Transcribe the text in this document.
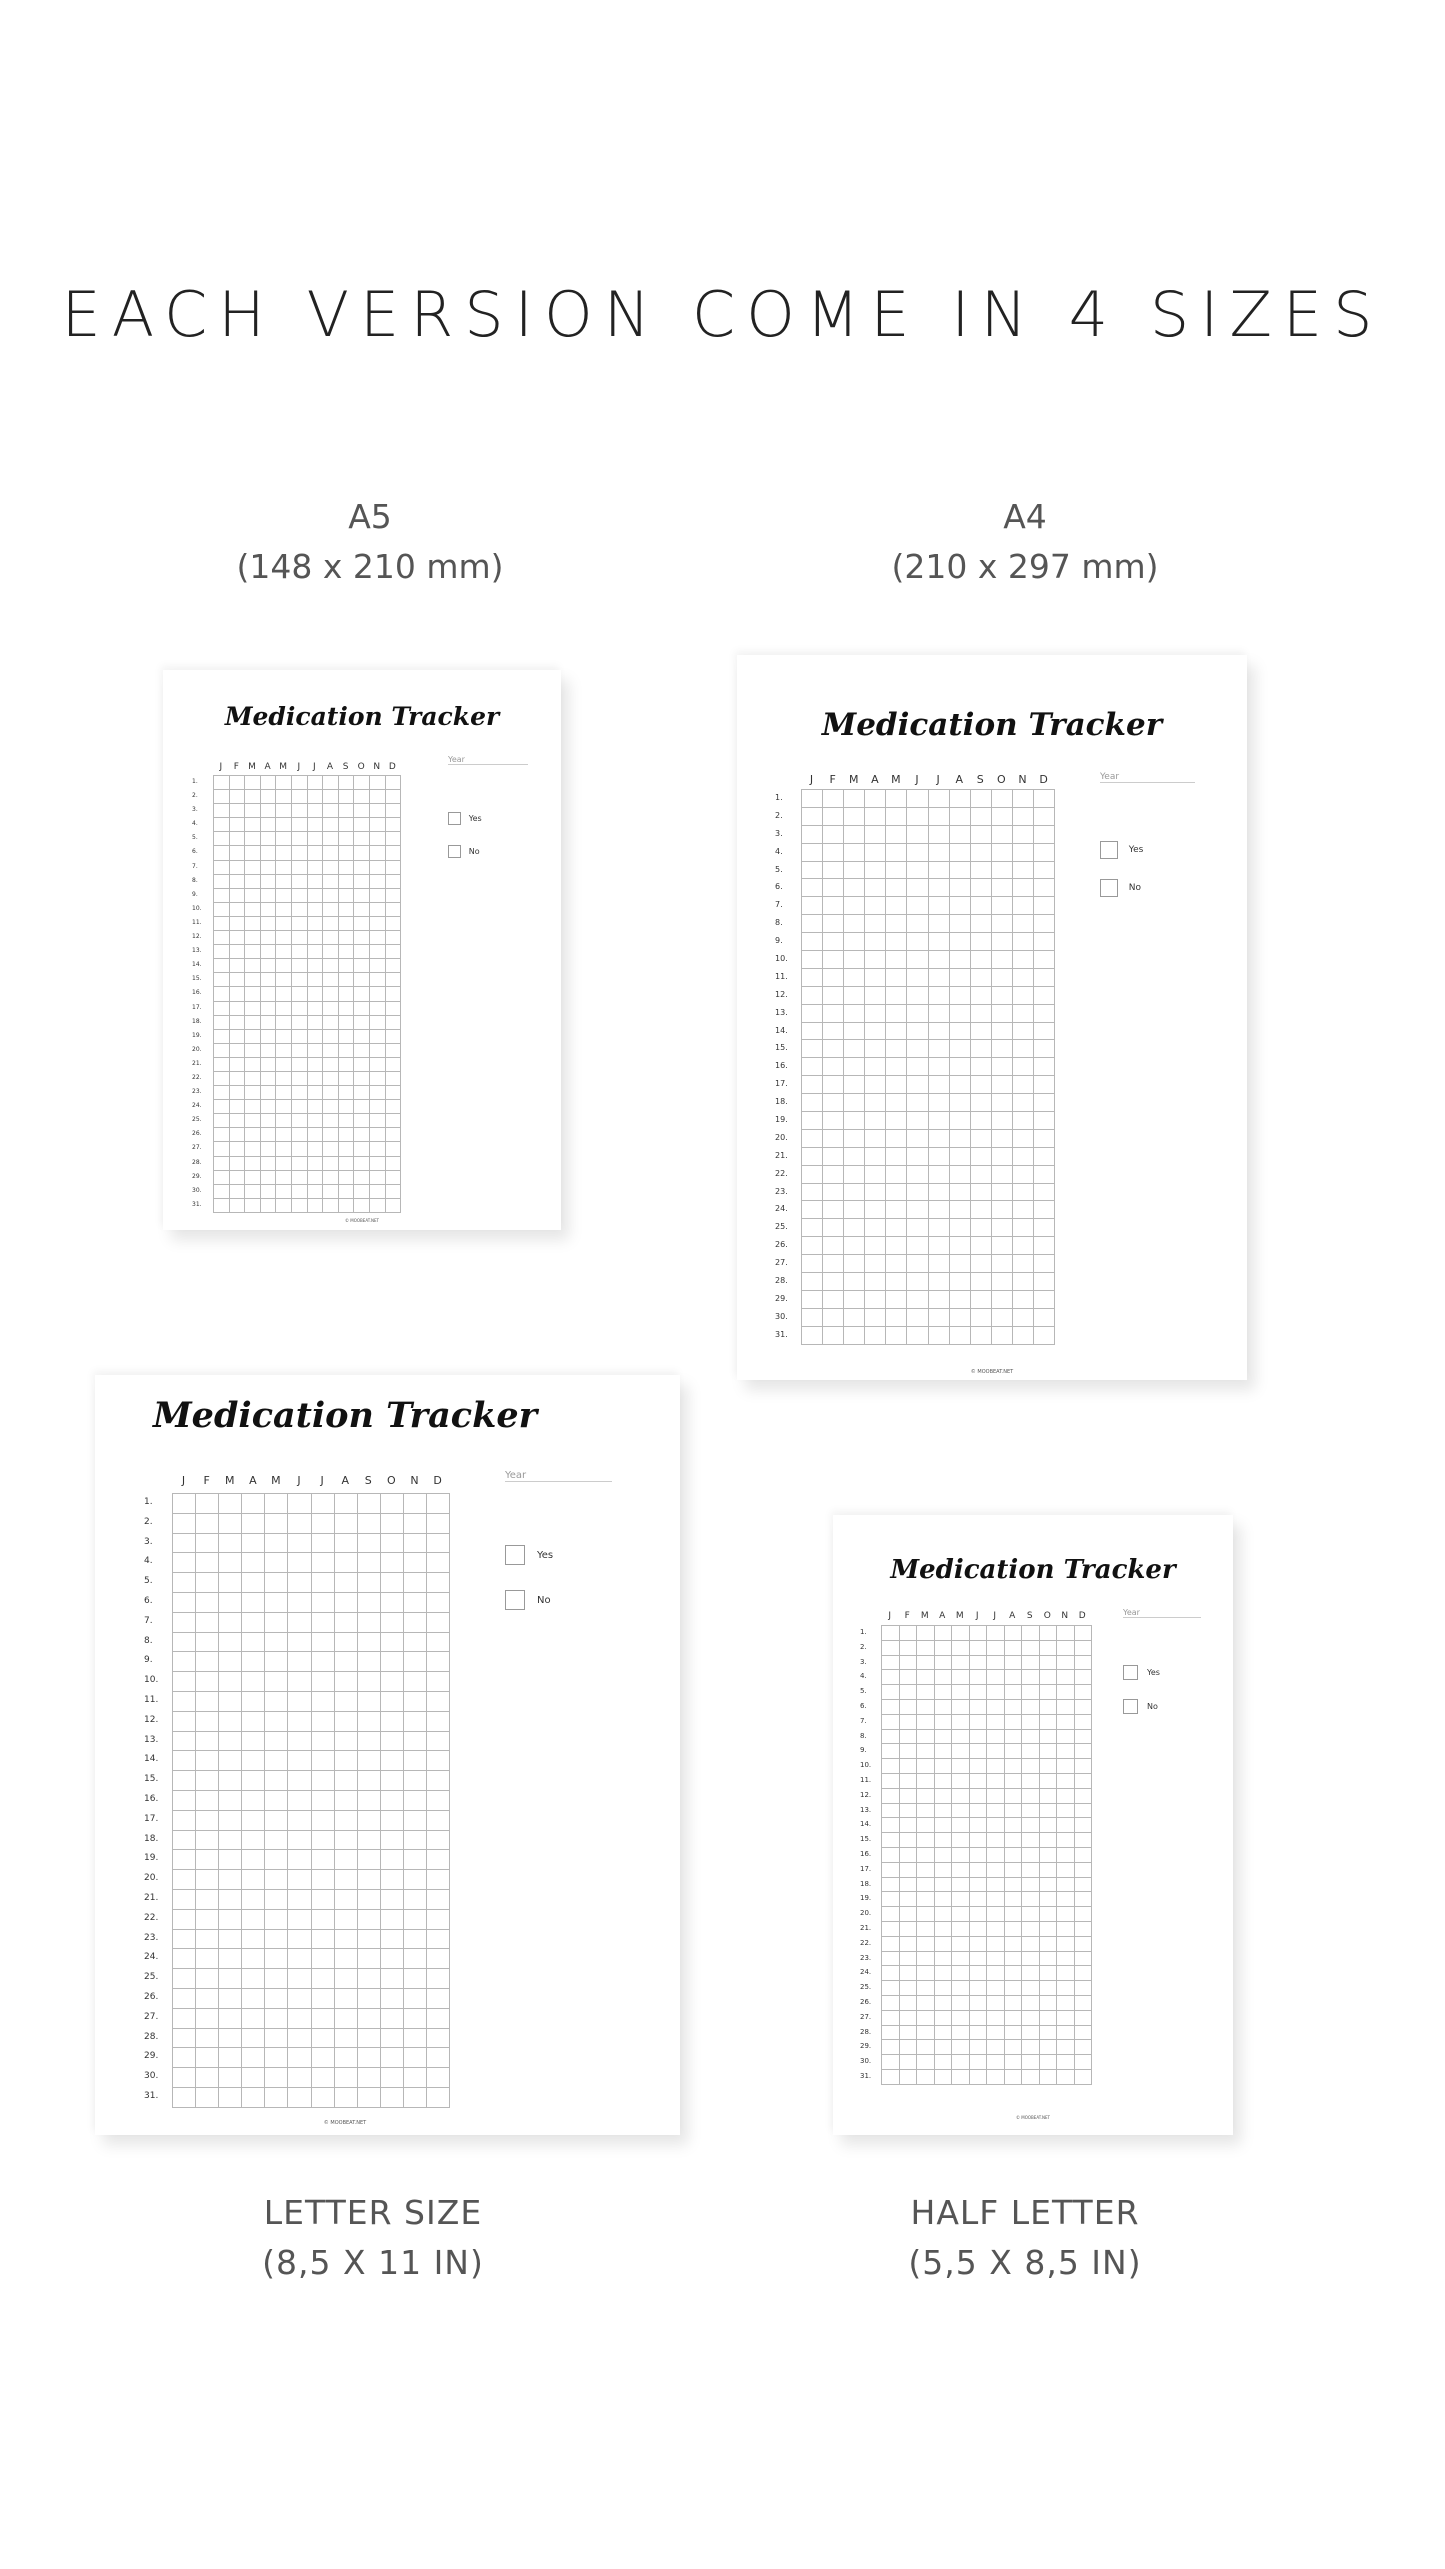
EACH VERSION COME IN 4 SIZES
A5
(148 x 210 mm)
A4
(210 x 297 mm)
LETTER SIZE
(8,5 X 11 IN)
HALF LETTER
(5,5 X 8,5 IN)
Medication Tracker
J	F	M A M	J	J	A	S	O N D
1.
2.
3.
4.
5.
6.
7.
8.
9.
10.
11.
12.
13.
14.
15.
16.
17.
18.
19.
20.
21.
22.
23.
24.
25.
26.
27.
28.
29.
30.
31.
Year
Yes
No
© MOOBEAT.NET
Medication Tracker
J	F	M	A	M	J	J	A	S	O	N	D
1.
2.
3.
4.
5.
6.
7.
8.
9.
10.
11.
12.
13.
14.
15.
16.
17.
18.
19.
20.
21.
22.
23.
24.
25.
26.
27.
28.
29.
30.
31.
Year
Yes
No
© MOOBEAT.NET
Medication Tracker
J	F	M	A	M	J	J	A	S	O	N	D
1.
2.
3.
4.
5.
6.
7.
8.
9.
10.
11.
12.
13.
14.
15.
16.
17.
18.
19.
20.
21.
22.
23.
24.
25.
26.
27.
28.
29.
30.
31.
Year
Yes
No
© MOOBEAT.NET
Medication Tracker
J	F	M	A	M	J	J	A	S	O	N	D
1.
2.
3.
4.
5.
6.
7.
8.
9.
10.
11.
12.
13.
14.
15.
16.
17.
18.
19.
20.
21.
22.
23.
24.
25.
26.
27.
28.
29.
30.
31.
Year
Yes
No
© MOOBEAT.NET
